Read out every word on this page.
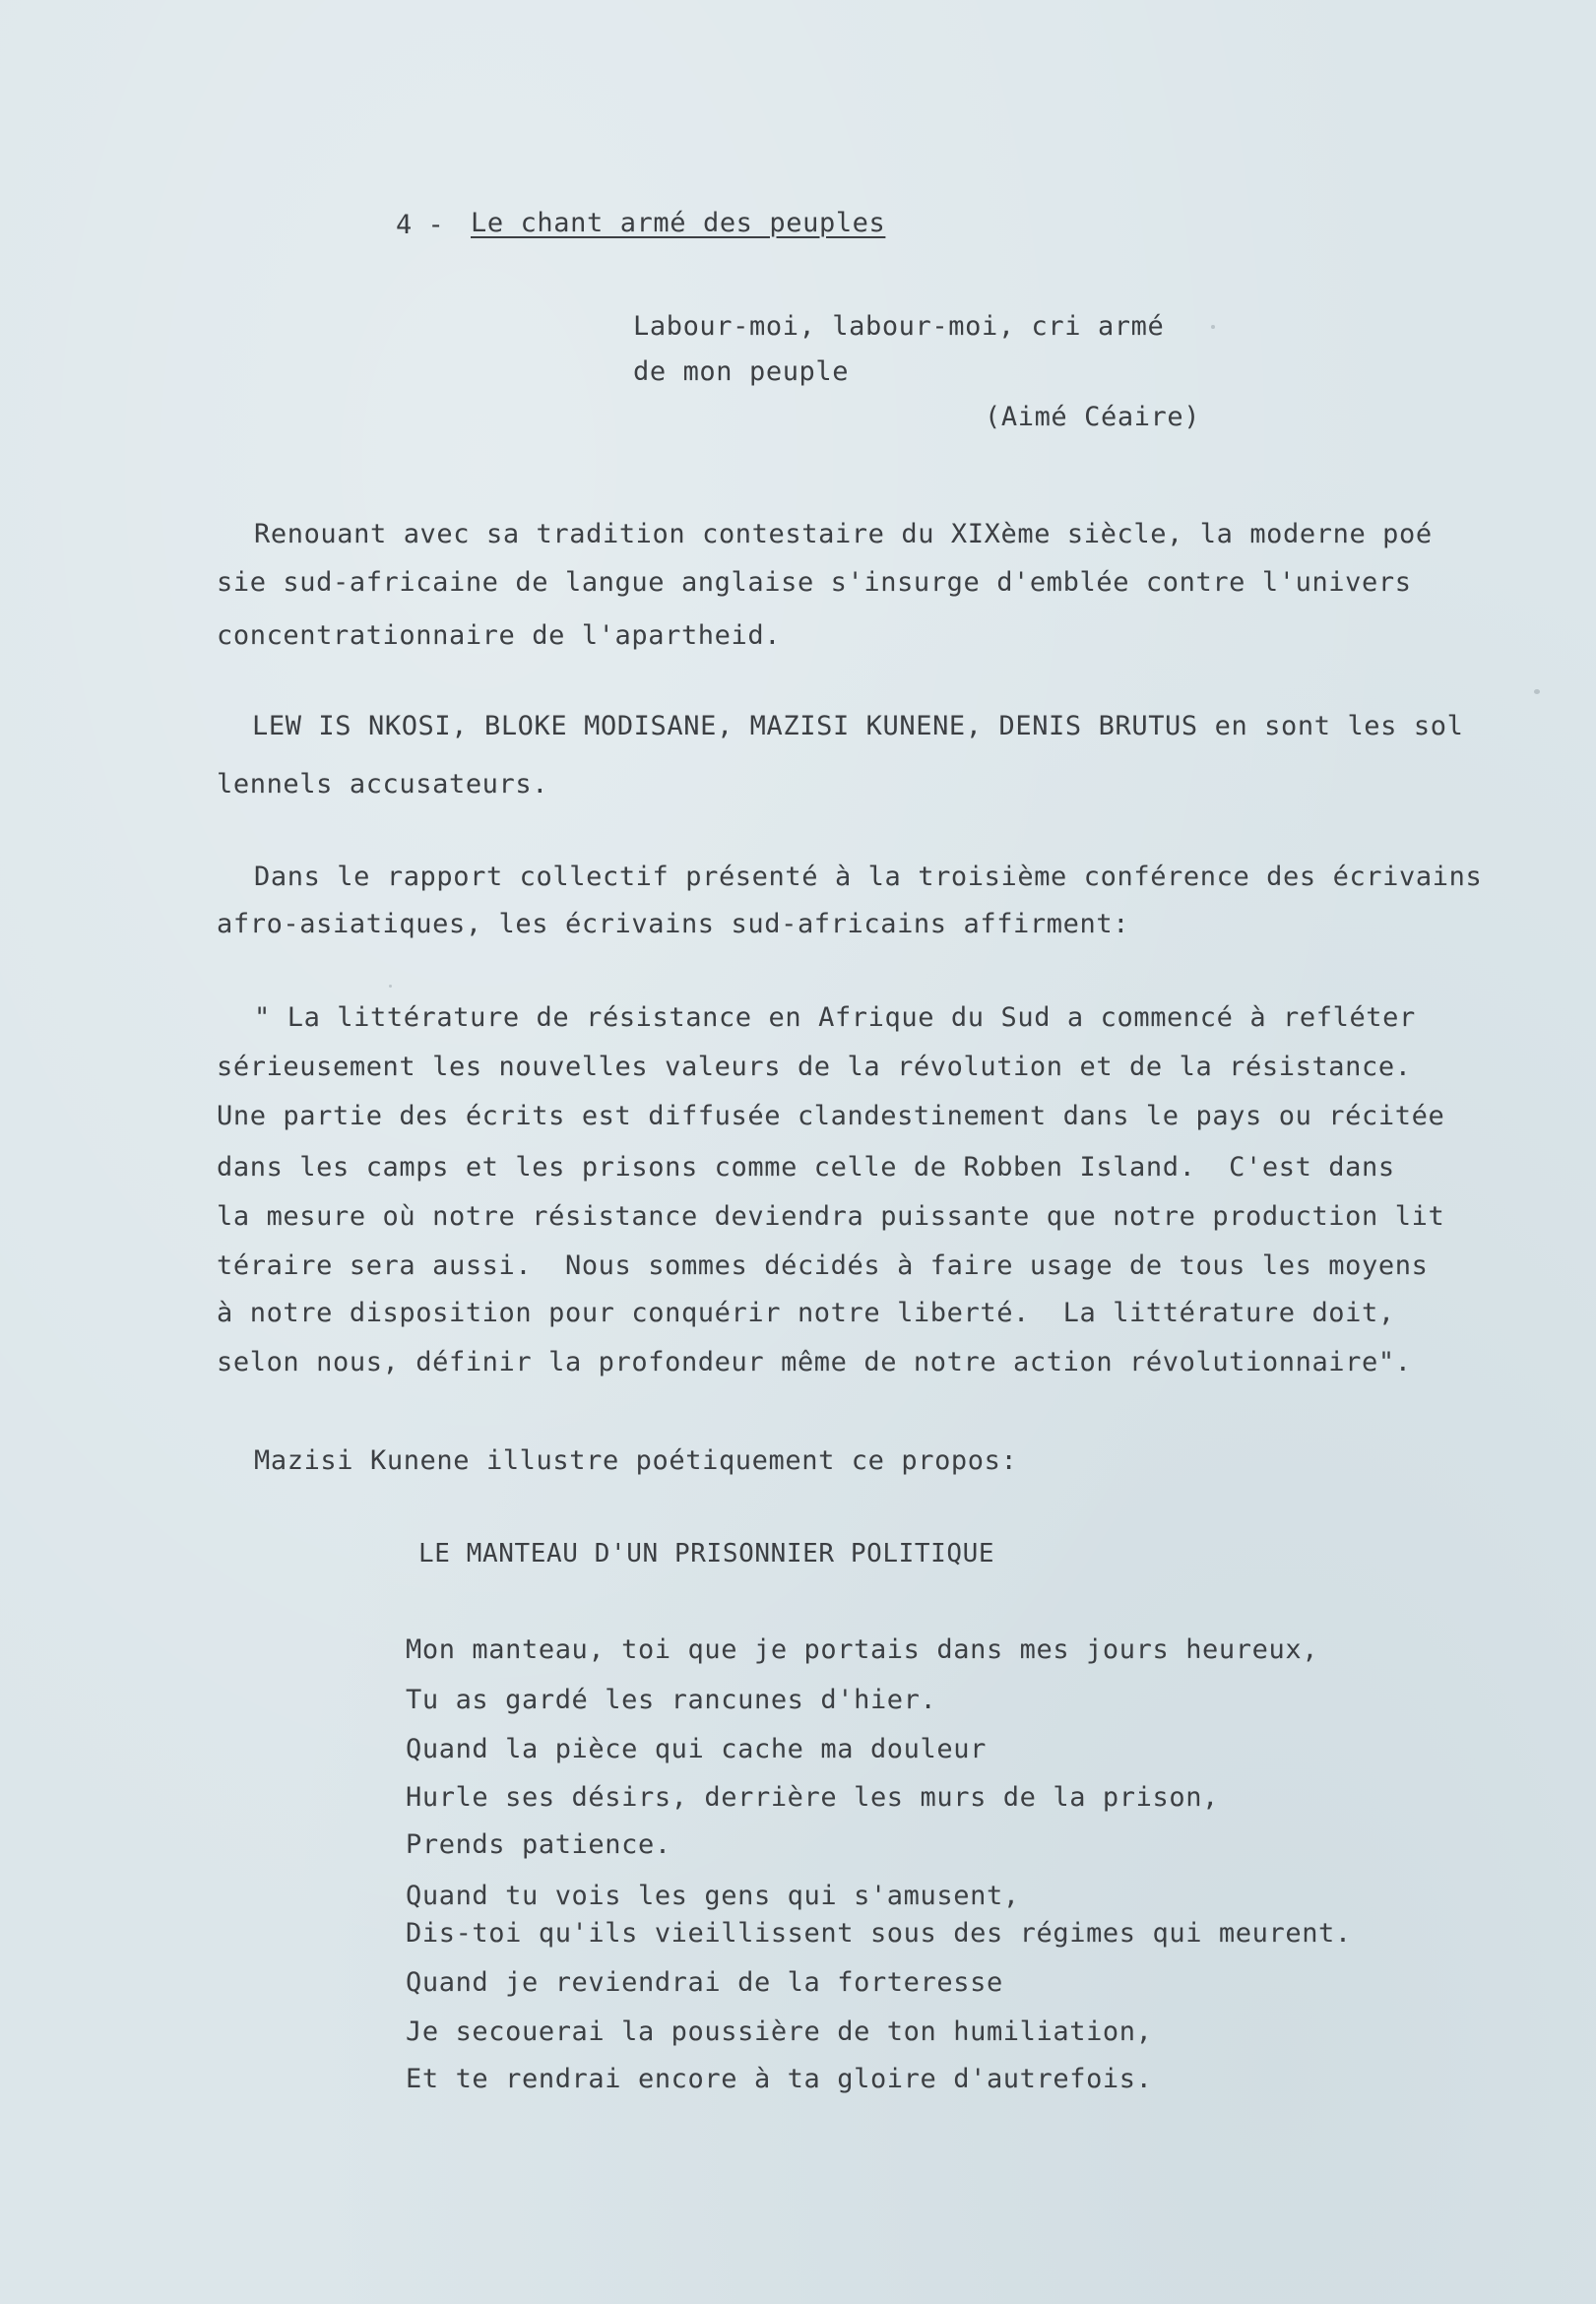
4 - Le chant armé des peuples
Labour-moi, labour-moi, cri armé
de mon peuple
(Aimé Céaire)
Renouant avec sa tradition contestaire du XIXème siècle, la moderne poé
sie sud-africaine de langue anglaise s'insurge d'emblée contre l'univers
concentrationnaire de l'apartheid.
LEW IS NKOSI, BLOKE MODISANE, MAZISI KUNENE, DENIS BRUTUS en sont les sol
lennels accusateurs.
Dans le rapport collectif présenté à la troisième conférence des écrivains
afro-asiatiques, les écrivains sud-africains affirment:
" La littérature de résistance en Afrique du Sud a commencé à refléter
sérieusement les nouvelles valeurs de la révolution et de la résistance.
Une partie des écrits est diffusée clandestinement dans le pays ou récitée
dans les camps et les prisons comme celle de Robben Island.  C'est dans
la mesure où notre résistance deviendra puissante que notre production lit
téraire sera aussi.  Nous sommes décidés à faire usage de tous les moyens
à notre disposition pour conquérir notre liberté.  La littérature doit,
selon nous, définir la profondeur même de notre action révolutionnaire".
Mazisi Kunene illustre poétiquement ce propos:
LE MANTEAU D'UN PRISONNIER POLITIQUE
Mon manteau, toi que je portais dans mes jours heureux,
Tu as gardé les rancunes d'hier.
Quand la pièce qui cache ma douleur
Hurle ses désirs, derrière les murs de la prison,
Prends patience.
Quand tu vois les gens qui s'amusent,
Dis-toi qu'ils vieillissent sous des régimes qui meurent.
Quand je reviendrai de la forteresse
Je secouerai la poussière de ton humiliation,
Et te rendrai encore à ta gloire d'autrefois.
